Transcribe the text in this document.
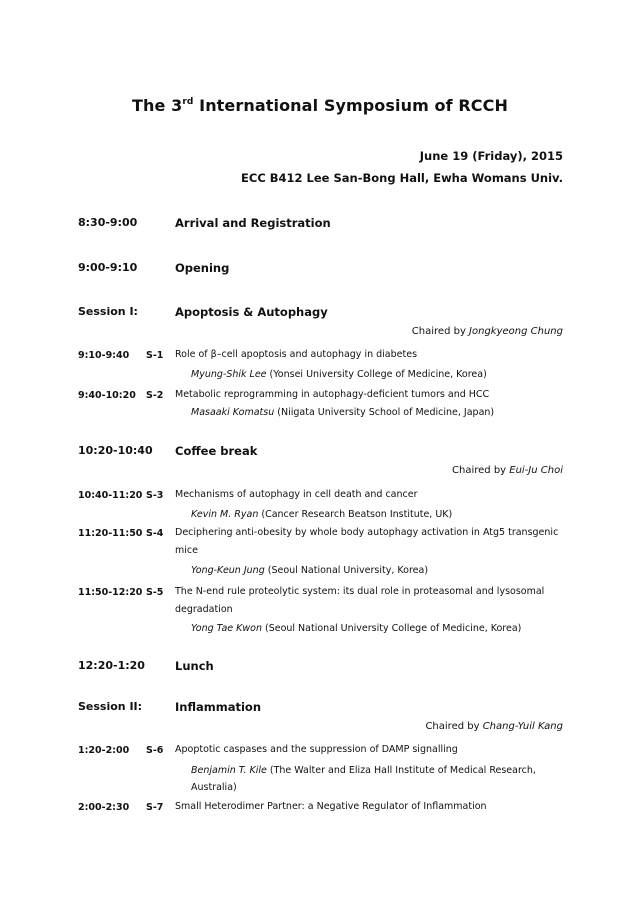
The 3rd International Symposium of RCCH
June 19 (Friday), 2015
ECC B412 Lee San-Bong Hall, Ewha Womans Univ.
8:30-9:00	Arrival and Registration
9:00-9:10	Opening
Session I:	Apoptosis & Autophagy
Chaired by Jongkyeong Chung
9:10-9:40 S-1 Role of β–cell apoptosis and autophagy in diabetes
Myung-Shik Lee (Yonsei University College of Medicine, Korea)
9:40-10:20 S-2 Metabolic reprogramming in autophagy-deficient tumors and HCC
Masaaki Komatsu (Niigata University School of Medicine, Japan)
10:20-10:40 Coffee break
Chaired by Eui-Ju Choi
10:40-11:20 S-3 Mechanisms of autophagy in cell death and cancer
Kevin M. Ryan (Cancer Research Beatson Institute, UK)
11:20-11:50 S-4 Deciphering anti-obesity by whole body autophagy activation in Atg5 transgenic mice
Yong-Keun Jung (Seoul National University, Korea)
11:50-12:20 S-5 The N-end rule proteolytic system: its dual role in proteasomal and lysosomal degradation
Yong Tae Kwon (Seoul National University College of Medicine, Korea)
12:20-1:20	Lunch
Session II:	Inflammation
Chaired by Chang-Yuil Kang
1:20-2:00 S-6 Apoptotic caspases and the suppression of DAMP signalling
Benjamin T. Kile (The Walter and Eliza Hall Institute of Medical Research, Australia)
2:00-2:30 S-7 Small Heterodimer Partner: a Negative Regulator of Inflammation
